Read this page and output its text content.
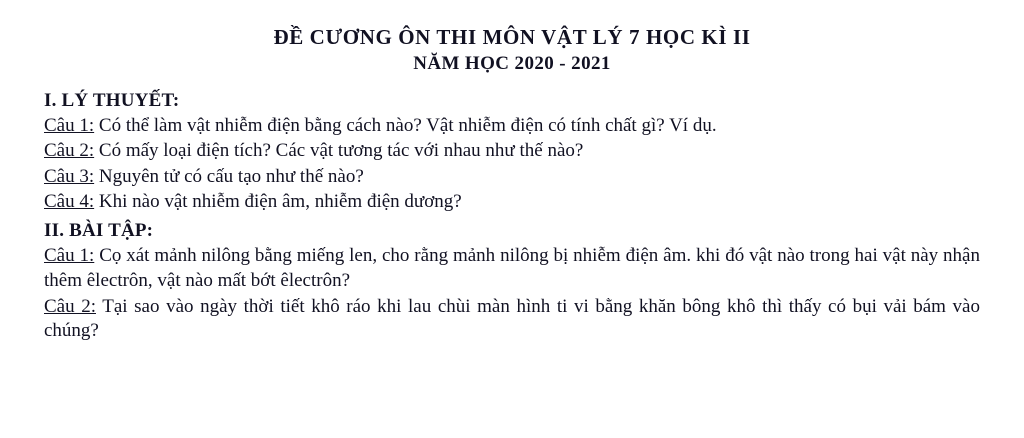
ĐỀ CƯƠNG ÔN THI MÔN VẬT LÝ 7 HỌC KÌ II
NĂM HỌC 2020 - 2021
I. LÝ THUYẾT:
Câu 1: Có thể làm vật nhiễm điện bằng cách nào? Vật nhiễm điện có tính chất gì? Ví dụ.
Câu 2: Có mấy loại điện tích? Các vật tương tác với nhau như thế nào?
Câu 3: Nguyên tử có cấu tạo như thế nào?
Câu 4: Khi nào vật nhiễm điện âm, nhiễm điện dương?
II. BÀI TẬP:
Câu 1: Cọ xát mảnh nilông bằng miếng len, cho rằng mảnh nilông bị nhiễm điện âm. khi đó vật nào trong hai vật này nhận thêm êlectrôn, vật nào mất bớt êlectrôn?
Câu 2: Tại sao vào ngày thời tiết khô ráo khi lau chùi màn hình ti vi bằng khăn bông khô thì thấy có bụi vải bám vào chúng?
